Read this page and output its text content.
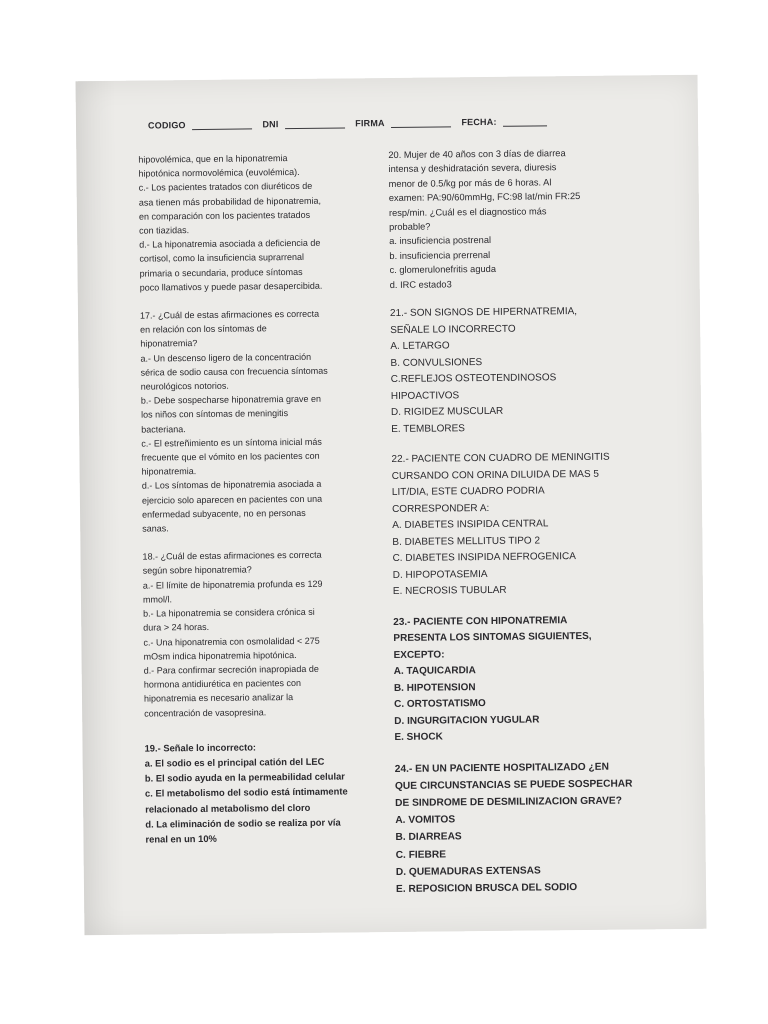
CODIGO	DNI	FIRMA	FECHA:
hipovolémica, que en la hiponatremia
hipotónica normovolémica (euvolémica).
c.- Los pacientes tratados con diuréticos de
asa tienen más probabilidad de hiponatremia,
en comparación con los pacientes tratados
con tiazidas.
d.- La hiponatremia asociada a deficiencia de
cortisol, como la insuficiencia suprarrenal
primaria o secundaria, produce síntomas
poco llamativos y puede pasar desapercibida.
17.- ¿Cuál de estas afirmaciones es correcta
en relación con los síntomas de
hiponatremia?
a.- Un descenso ligero de la concentración
sérica de sodio causa con frecuencia síntomas
neurológicos notorios.
b.- Debe sospecharse hiponatremia grave en
los niños con síntomas de meningitis
bacteriana.
c.- El estreñimiento es un síntoma inicial más
frecuente que el vómito en los pacientes con
hiponatremia.
d.- Los síntomas de hiponatremia asociada a
ejercicio solo aparecen en pacientes con una
enfermedad subyacente, no en personas
sanas.
18.- ¿Cuál de estas afirmaciones es correcta
según sobre hiponatremia?
a.- El límite de hiponatremia profunda es 129
mmol/l.
b.- La hiponatremia se considera crónica si
dura > 24 horas.
c.- Una hiponatremia con osmolalidad < 275
mOsm indica hiponatremia hipotónica.
d.- Para confirmar secreción inapropiada de
hormona antidiurética en pacientes con
hiponatremia es necesario analizar la
concentración de vasopresina.
19.- Señale lo incorrecto:
a. El sodio es el principal catión del LEC
b. El sodio ayuda en la permeabilidad celular
c. El metabolismo del sodio está íntimamente
relacionado al metabolismo del cloro
d. La eliminación de sodio se realiza por vía
renal en un 10%
20. Mujer de 40 años con 3 días de diarrea
intensa y deshidratación severa, diuresis
menor de 0.5/kg por más de 6 horas. Al
examen: PA:90/60mmHg, FC:98 lat/min FR:25
resp/min. ¿Cuál es el diagnostico más
probable?
a. insuficiencia postrenal
b. insuficiencia prerrenal
c. glomerulonefritis aguda
d. IRC estado3
21.- SON SIGNOS DE HIPERNATREMIA,
SEÑALE LO INCORRECTO
A. LETARGO
B. CONVULSIONES
C.REFLEJOS OSTEOTENDINOSOS
HIPOACTIVOS
D. RIGIDEZ MUSCULAR
E. TEMBLORES
22.- PACIENTE CON CUADRO DE MENINGITIS
CURSANDO CON ORINA DILUIDA DE MAS 5
LIT/DIA, ESTE CUADRO PODRIA
CORRESPONDER A:
A. DIABETES INSIPIDA CENTRAL
B. DIABETES MELLITUS TIPO 2
C. DIABETES INSIPIDA NEFROGENICA
D. HIPOPOTASEMIA
E. NECROSIS TUBULAR
23.- PACIENTE CON HIPONATREMIA
PRESENTA LOS SINTOMAS SIGUIENTES,
EXCEPTO:
A. TAQUICARDIA
B. HIPOTENSION
C. ORTOSTATISMO
D. INGURGITACION YUGULAR
E. SHOCK
24.- EN UN PACIENTE HOSPITALIZADO ¿EN
QUE CIRCUNSTANCIAS SE PUEDE SOSPECHAR
DE SINDROME DE DESMILINIZACION GRAVE?
A. VOMITOS
B. DIARREAS
C. FIEBRE
D. QUEMADURAS EXTENSAS
E. REPOSICION BRUSCA DEL SODIO
